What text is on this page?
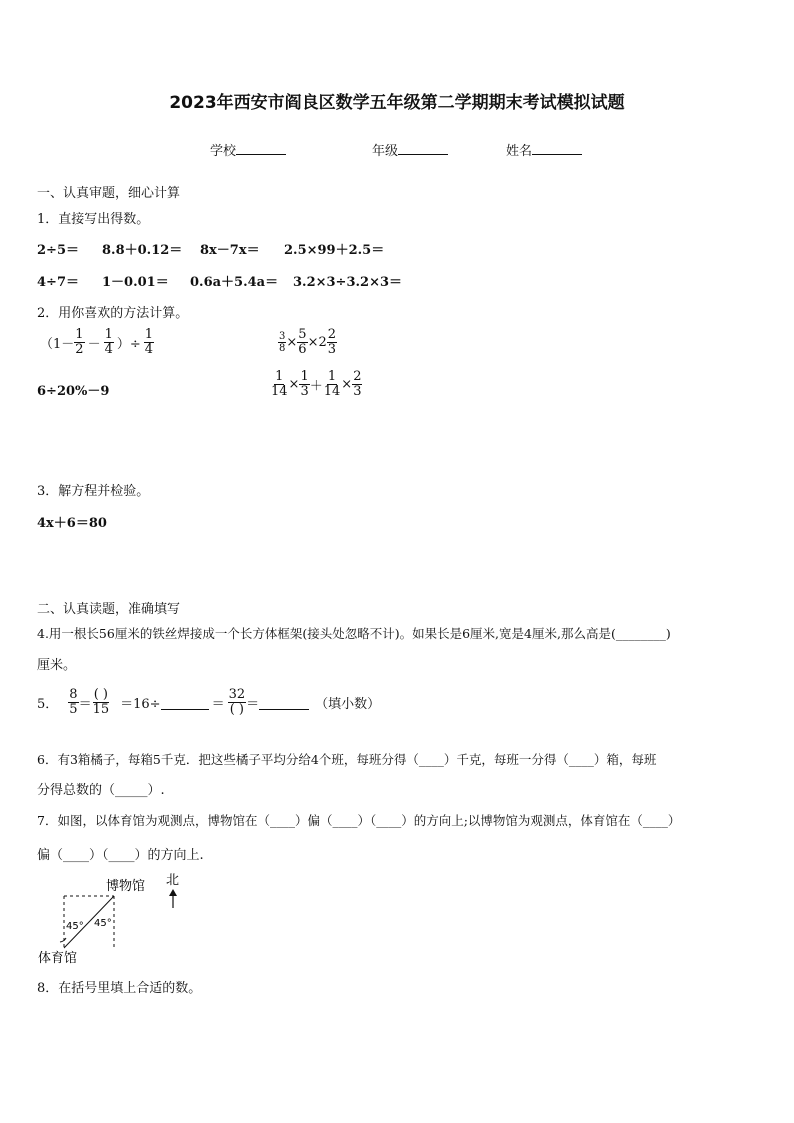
2023年西安市阎良区数学五年级第二学期期末考试模拟试题
学校	年级	姓名
一、认真审题，细心计算
1．直接写出得数。
2÷5＝ 8.8＋0.12＝ 8x－7x＝ 2.5×99＋2.5＝
4÷7＝ 1－0.01＝ 0.6a＋5.4a＝ 3.2×3÷3.2×3＝
2．用你喜欢的方法计算。
（$1- \frac{1}{2} - \frac{1}{4}$ ）÷ $\frac{1}{4}$	$\frac{3}{8} \times \frac{5}{6} \times 2 \frac{2}{3}$
6÷20%－9	$\frac{1}{14} \times \frac{1}{3} + \frac{1}{14} \times \frac{2}{3}$
3．解方程并检验。
4x＋6＝80
二、认真读题，准确填写
4.用一根长56厘米的铁丝焊接成一个长方体框架(接头处忽略不计)。如果长是6厘米,宽是4厘米,那么高是(________)
厘米。
5． $\frac{8}{5} = \frac{( )}{15} =16\div$	＝ $\frac{32}{( )}$ ＝	（填小数）
6．有3箱橘子，每箱5千克．把这些橘子平均分给4个班，每班分得（____）千克，每班一分得（____）箱，每班
分得总数的（_____）.
7．如图，以体育馆为观测点，博物馆在（____）偏（____）（____）的方向上;以博物馆为观测点，体育馆在（____）
偏（____）（____）的方向上.
45° 45°
博物馆
体育馆
北
8．在括号里填上合适的数。
